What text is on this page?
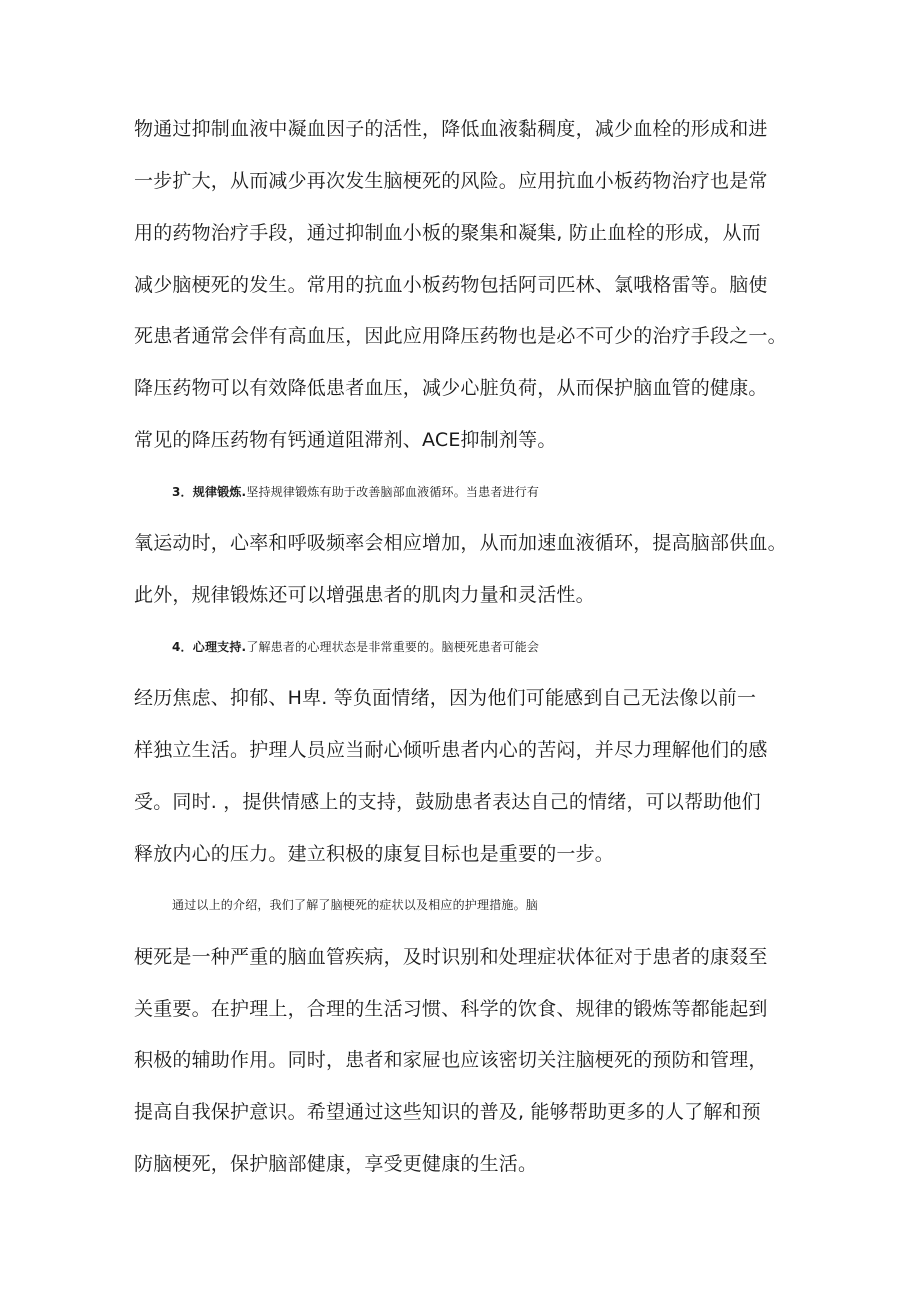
物通过抑制血液中凝血因子的活性，降低血液黏稠度，减少血栓的形成和进
一步扩大，从而减少再次发生脑梗死的风险。应用抗血小板药物治疗也是常
用的药物治疗手段，通过抑制血小板的聚集和凝集, 防止血栓的形成，从而
减少脑梗死的发生。常用的抗血小板药物包括阿司匹林、氯哦格雷等。脑使
死患者通常会伴有高血压，因此应用降压药物也是必不可少的治疗手段之一。
降压药物可以有效降低患者血压，减少心脏负荷，从而保护脑血管的健康。
常见的降压药物有钙通道阻滞剂、ACE抑制剂等。
3．规律锻炼.坚持规律锻炼有助于改善脑部血液循环。当患者进行有
氧运动时，心率和呼吸频率会相应增加，从而加速血液循环，提高脑部供血。
此外，规律锻炼还可以增强患者的肌肉力量和灵活性。
4．心理支持.了解患者的心理状态是非常重要的。脑梗死患者可能会
经历焦虑、抑郁、H卑. 等负面情绪，因为他们可能感到自己无法像以前一
样独立生活。护理人员应当耐心倾听患者内心的苦闷，并尽力理解他们的感
受。同时. ，提供情感上的支持，鼓励患者表达自己的情绪，可以帮助他们
释放内心的压力。建立积极的康复目标也是重要的一步。
通过以上的介绍，我们了解了脑梗死的症状以及相应的护理措施。脑
梗死是一种严重的脑血管疾病，及时识别和处理症状体征对于患者的康叕至
关重要。在护理上，合理的生活习惯、科学的饮食、规律的锻炼等都能起到
积极的辅助作用。同时，患者和家屉也应该密切关注脑梗死的预防和管理，
提高自我保护意识。希望通过这些知识的普及, 能够帮助更多的人了解和预
防脑梗死，保护脑部健康，享受更健康的生活。
